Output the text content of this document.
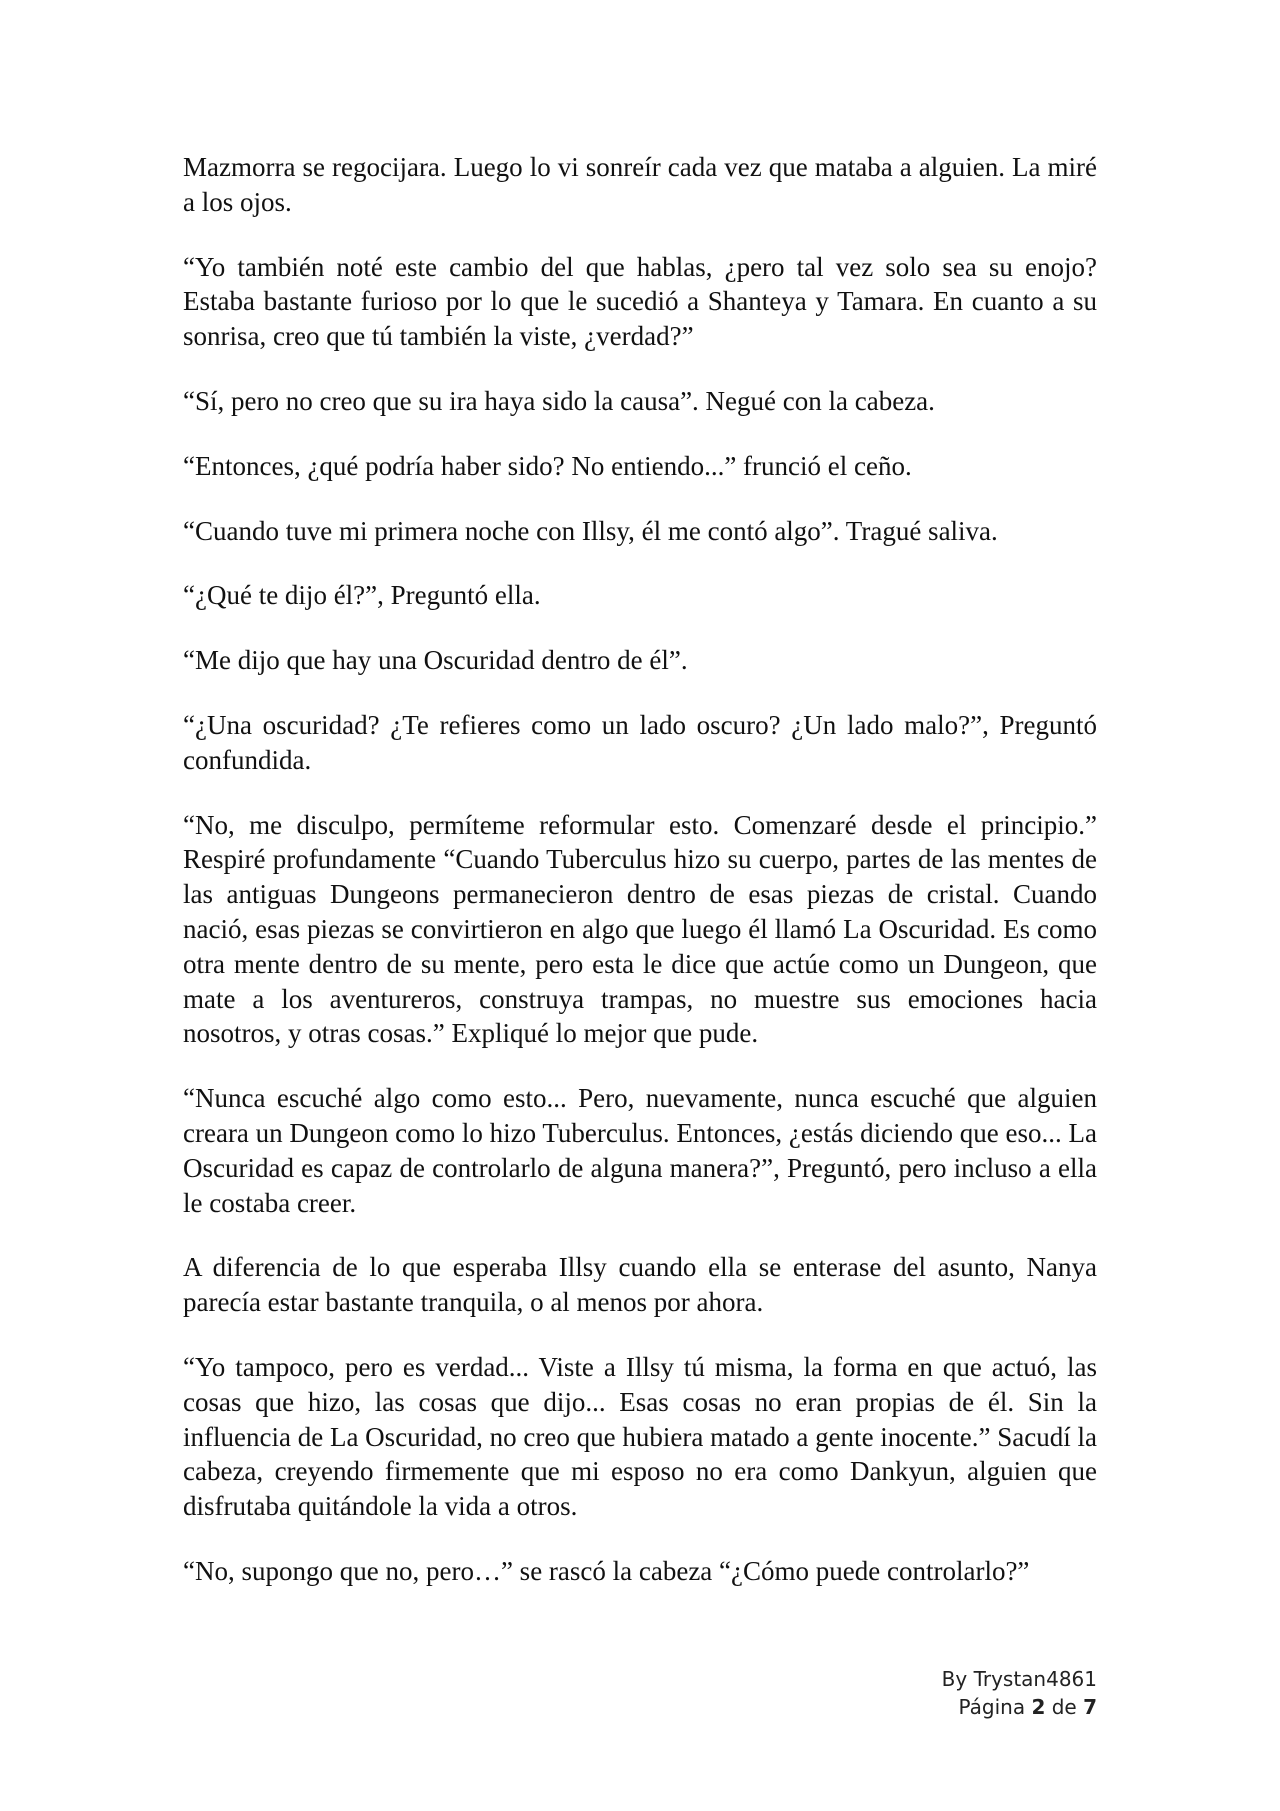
Mazmorra se regocijara. Luego lo vi sonreír cada vez que mataba a alguien. La miré a los ojos.

“Yo también noté este cambio del que hablas, ¿pero tal vez solo sea su enojo? Estaba bastante furioso por lo que le sucedió a Shanteya y Tamara. En cuanto a su sonrisa, creo que tú también la viste, ¿verdad?”

“Sí, pero no creo que su ira haya sido la causa”. Negué con la cabeza.

“Entonces, ¿qué podría haber sido? No entiendo...” frunció el ceño.

“Cuando tuve mi primera noche con Illsy, él me contó algo”. Tragué saliva.

“¿Qué te dijo él?”, Preguntó ella.

“Me dijo que hay una Oscuridad dentro de él”.

“¿Una oscuridad? ¿Te refieres como un lado oscuro? ¿Un lado malo?”, Preguntó confundida.

“No, me disculpo, permíteme reformular esto. Comenzaré desde el principio.” Respiré profundamente “Cuando Tuberculus hizo su cuerpo, partes de las mentes de las antiguas Dungeons permanecieron dentro de esas piezas de cristal. Cuando nació, esas piezas se convirtieron en algo que luego él llamó La Oscuridad. Es como otra mente dentro de su mente, pero esta le dice que actúe como un Dungeon, que mate a los aventureros, construya trampas, no muestre sus emociones hacia nosotros, y otras cosas.” Expliqué lo mejor que pude.

“Nunca escuché algo como esto... Pero, nuevamente, nunca escuché que alguien creara un Dungeon como lo hizo Tuberculus. Entonces, ¿estás diciendo que eso... La Oscuridad es capaz de controlarlo de alguna manera?”, Preguntó, pero incluso a ella le costaba creer.

A diferencia de lo que esperaba Illsy cuando ella se enterase del asunto, Nanya parecía estar bastante tranquila, o al menos por ahora.

“Yo tampoco, pero es verdad... Viste a Illsy tú misma, la forma en que actuó, las cosas que hizo, las cosas que dijo... Esas cosas no eran propias de él. Sin la influencia de La Oscuridad, no creo que hubiera matado a gente inocente.” Sacudí la cabeza, creyendo firmemente que mi esposo no era como Dankyun, alguien que disfrutaba quitándole la vida a otros.

“No, supongo que no, pero…” se rascó la cabeza “¿Cómo puede controlarlo?”

By Trystan4861
Página 2 de 7
